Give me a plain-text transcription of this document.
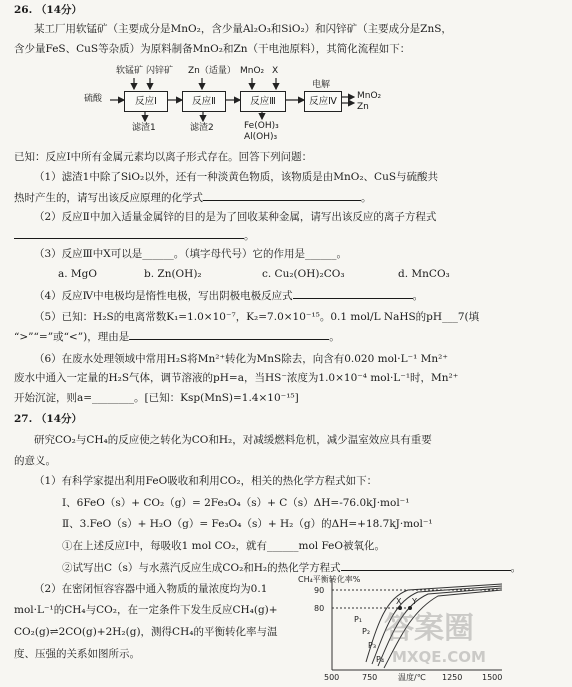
26. （14分）
某工厂用软锰矿（主要成分是MnO₂，含少量Al₂O₃和SiO₂）和闪锌矿（主要成分是ZnS，
含少量FeS、CuS等杂质）为原料制备MnO₂和Zn（干电池原料），其简化流程如下：
反应Ⅰ	反应Ⅱ	反应Ⅲ	反应Ⅳ
硫酸
软锰矿 闪锌矿 Zn（适量） MnO₂ X
电解
MnO₂
Zn
滤渣1	滤渣2	Fe(OH)₃
Al(OH)₃
已知：反应Ⅰ中所有金属元素均以离子形式存在。回答下列问题：
（1）滤渣1中除了SiO₂以外，还有一种淡黄色物质，该物质是由MnO₂、CuS与硫酸共
热时产生的，请写出该反应原理的化学式	。
（2）反应Ⅱ中加入适量金属锌的目的是为了回收某种金属，请写出该反应的离子方程式
。
（3）反应Ⅲ中X可以是______。（填字母代号）它的作用是______。
a. MgO	b. Zn(OH)₂	c. Cu₂(OH)₂CO₃	d. MnCO₃
（4）反应Ⅳ中电极均是惰性电极，写出阴极电极反应式	。
（5）已知：H₂S的电离常数K₁=1.0×10⁻⁷，K₂=7.0×10⁻¹⁵。0.1 mol/L NaHS的pH___7(填
“>”“=”或“<”)，理由是	。
（6）在废水处理领域中常用H₂S将Mn²⁺转化为MnS除去，向含有0.020 mol·L⁻¹ Mn²⁺
废水中通入一定量的H₂S气体，调节溶液的pH=a，当HS⁻浓度为1.0×10⁻⁴ mol·L⁻¹时，Mn²⁺
开始沉淀，则a=________。[已知：Ksp(MnS)=1.4×10⁻¹⁵]
27. （14分）
研究CO₂与CH₄的反应使之转化为CO和H₂，对减缓燃料危机，减少温室效应具有重要
的意义。
（1）有科学家提出利用FeO吸收和利用CO₂，相关的热化学方程式如下：
Ⅰ、6FeO（s）+ CO₂（g）= 2Fe₃O₄（s）+ C（s）ΔH=-76.0kJ·mol⁻¹
Ⅱ、3.FeO（s）+ H₂O（g）= Fe₃O₄（s）+ H₂（g）的ΔH=+18.7kJ·mol⁻¹
①在上述反应Ⅰ中，每吸收1 mol CO₂，就有______mol FeO被氧化。
②试写出C（s）与水蒸汽反应生成CO₂和H₂的热化学方程式	。
（2）在密闭恒容容器中通入物质的量浓度均为0.1
mol·L⁻¹的CH₄与CO₂，在一定条件下发生反应CH₄(g)+
CO₂(g)⇌2CO(g)+2H₂(g)，测得CH₄的平衡转化率与温
度、压强的关系如图所示。
CH₄平衡转化率%
90
80
500	750	温度/℃ 1250 1500
P₁
P₂
P₃
P₄
X Y
答案圈
MXQE.COM
